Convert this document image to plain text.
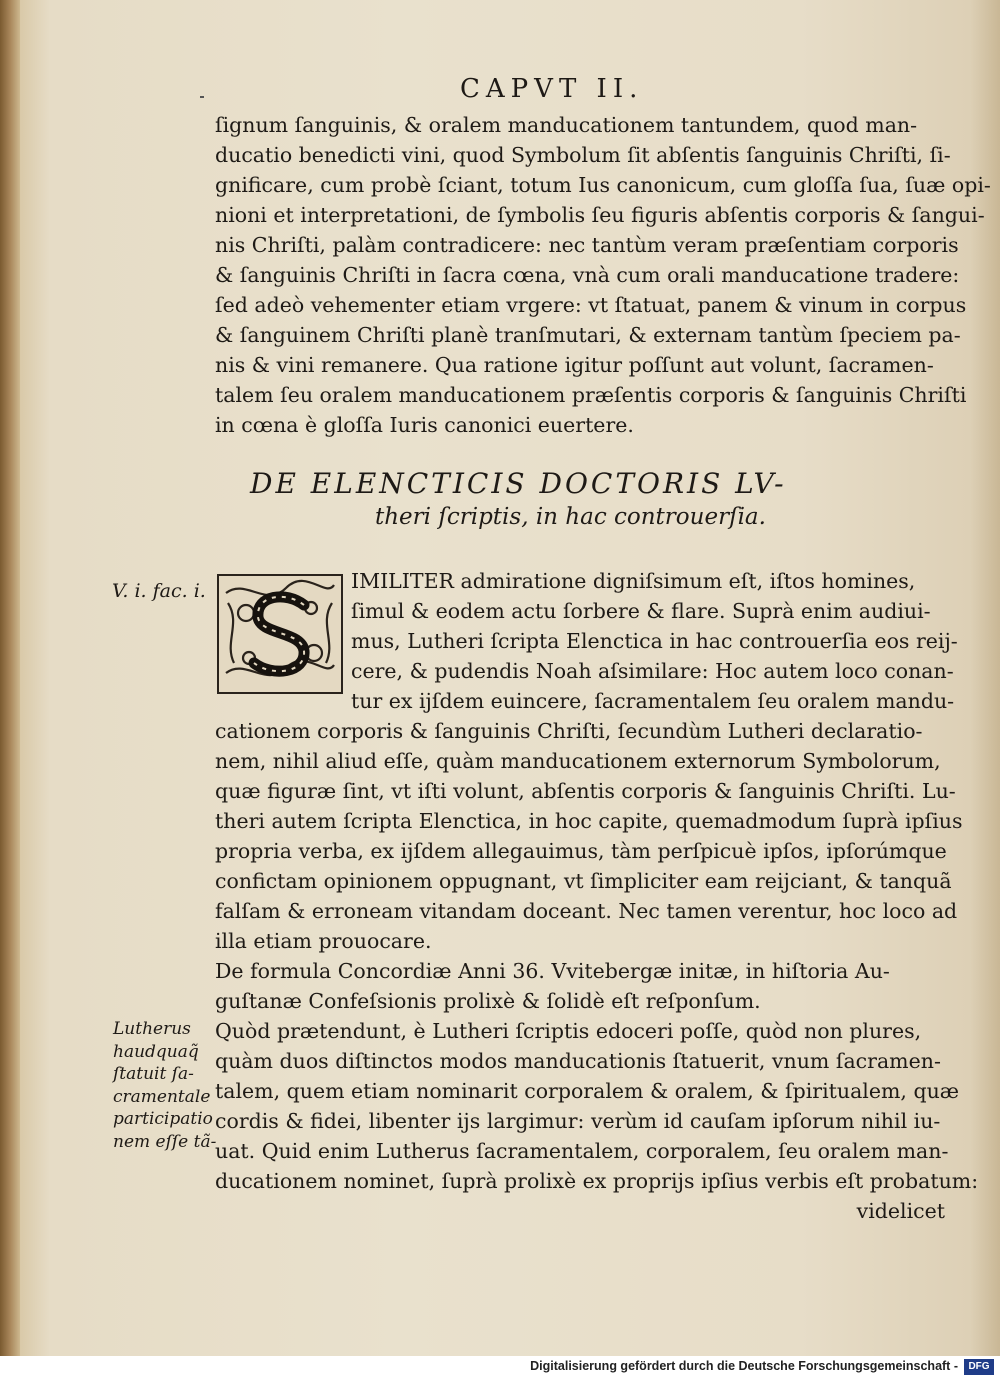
CAPVT II.
ſignum ſanguinis, & oralem manducationem tantundem, quod man-
ducatio benedicti vini, quod Symbolum ſit abſentis ſanguinis Chriſti, ſi-
gnificare, cum probè ſciant, totum Ius canonicum, cum gloſſa ſua, ſuæ opi-
nioni et interpretationi, de ſymbolis ſeu figuris abſentis corporis & ſangui-
nis Chriſti, palàm contradicere: nec tantùm veram præſentiam corporis
& ſanguinis Chriſti in ſacra cœna, vnà cum orali manducatione tradere:
ſed adeò vehementer etiam vrgere: vt ſtatuat, panem & vinum in corpus
& ſanguinem Chriſti planè tranſmutari, & externam tantùm ſpeciem pa-
nis & vini remanere. Qua ratione igitur poſſunt aut volunt, ſacramen-
talem ſeu oralem manducationem præſentis corporis & ſanguinis Chriſti
in cœna è gloſſa Iuris canonici euertere.
DE ELENCTICIS DOCTORIS LV-
theri ſcriptis, in hac controuerſia.
V. i. fac. i.	IMILITER admiratione digniſsimum eſt, iſtos homines,
ſimul & eodem actu ſorbere & flare. Suprà enim audiui-
mus, Lutheri ſcripta Elenctica in hac controuerſia eos reij-
cere, & pudendis Noah aſsimilare: Hoc autem loco conan-
tur ex ijſdem euincere, ſacramentalem ſeu oralem mandu-
cationem corporis & ſanguinis Chriſti, ſecundùm Lutheri declaratio-
nem, nihil aliud eſſe, quàm manducationem externorum Symbolorum,
quæ figuræ ſint, vt iſti volunt, abſentis corporis & ſanguinis Chriſti. Lu-
theri autem ſcripta Elenctica, in hoc capite, quemadmodum ſuprà ipſius
propria verba, ex ijſdem allegauimus, tàm perſpicuè ipſos, ipſorúmque
confictam opinionem oppugnant, vt ſimpliciter eam reijciant, & tanquã
falſam & erroneam vitandam doceant. Nec tamen verentur, hoc loco ad
illa etiam prouocare.
De formula Concordiæ Anni 36. Vvitebergæ initæ, in hiſtoria Au-
guſtanæ Confeſsionis prolixè & ſolidè eſt reſponſum.
Quòd prætendunt, è Lutheri ſcriptis edoceri poſſe, quòd non plures,
quàm duos diſtinctos modos manducationis ſtatuerit, vnum ſacramen-
talem, quem etiam nominarit corporalem & oralem, & ſpiritualem, quæ
cordis & fidei, libenter ijs largimur: verùm id cauſam ipſorum nihil iu-
uat. Quid enim Lutherus ſacramentalem, corporalem, ſeu oralem man-
ducationem nominet, ſuprà prolixè ex proprijs ipſius verbis eſt probatum:
videlicet
Lutherus
haudquaq̃
ſtatuit ſa-
cramentale
participatio
nem eſſe tã-
Digitalisierung gefördert durch die Deutsche Forschungsgemeinschaft -	DFG
